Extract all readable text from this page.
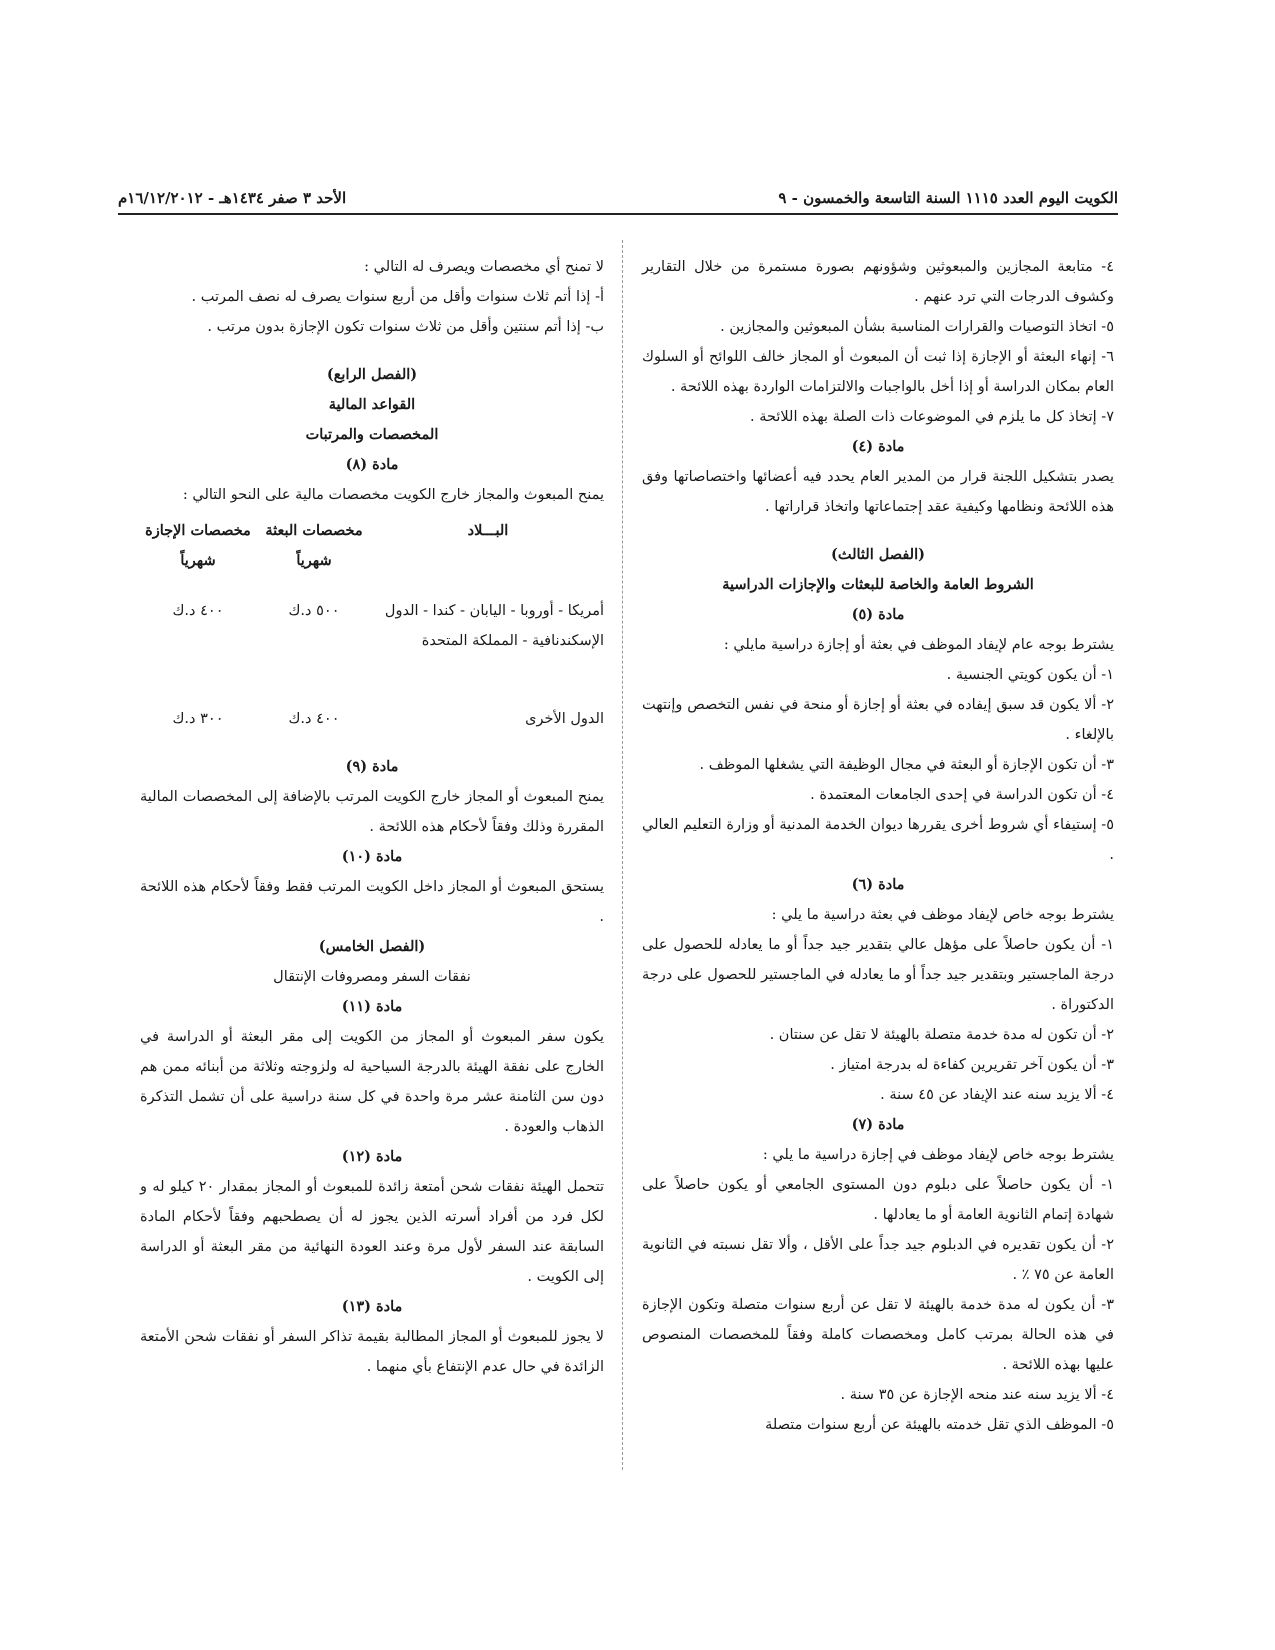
الكويت اليوم العدد ١١١٥ السنة التاسعة والخمسون - ٩
الأحد ٣ صفر ١٤٣٤هـ - ١٦/١٢/٢٠١٢م

٤- متابعة المجازين والمبعوثين وشؤونهم بصورة مستمرة من خلال التقارير وكشوف الدرجات التي ترد عنهم .

٥- اتخاذ التوصيات والقرارات المناسبة بشأن المبعوثين والمجازين .

٦- إنهاء البعثة أو الإجازة إذا ثبت أن المبعوث أو المجاز خالف اللوائح أو السلوك العام بمكان الدراسة أو إذا أخل بالواجبات والالتزامات الواردة بهذه اللائحة .

٧- إتخاذ كل ما يلزم في الموضوعات ذات الصلة بهذه اللائحة .

مادة (٤)

يصدر بتشكيل اللجنة قرار من المدير العام يحدد فيه أعضائها واختصاصاتها وفق هذه اللائحة ونظامها وكيفية عقد إجتماعاتها واتخاذ قراراتها .

(الفصل الثالث)

الشروط العامة والخاصة للبعثات والإجازات الدراسية

مادة (٥)

يشترط بوجه عام لإيفاد الموظف في بعثة أو إجازة دراسية مايلي :

١- أن يكون كويتي الجنسية .

٢- ألا يكون قد سبق إيفاده في بعثة أو إجازة أو منحة في نفس التخصص وإنتهت بالإلغاء .

٣- أن تكون الإجازة أو البعثة في مجال الوظيفة التي يشغلها الموظف .

٤- أن تكون الدراسة في إحدى الجامعات المعتمدة .

٥- إستيفاء أي شروط أخرى يقررها ديوان الخدمة المدنية أو وزارة التعليم العالي .

مادة (٦)

يشترط بوجه خاص لإيفاد موظف في بعثة دراسية ما يلي :

١- أن يكون حاصلاً على مؤهل عالي بتقدير جيد جداً أو ما يعادله للحصول على درجة الماجستير وبتقدير جيد جداً أو ما يعادله في الماجستير للحصول على درجة الدكتوراة .

٢- أن تكون له مدة خدمة متصلة بالهيئة لا تقل عن سنتان .

٣- أن يكون آخر تقريرين كفاءة له بدرجة امتياز .

٤- ألا يزيد سنه عند الإيفاد عن ٤٥ سنة .

مادة (٧)

يشترط بوجه خاص لإيفاد موظف في إجازة دراسية ما يلي :

١- أن يكون حاصلاً على دبلوم دون المستوى الجامعي أو يكون حاصلاً على شهادة إتمام الثانوية العامة أو ما يعادلها .

٢- أن يكون تقديره في الدبلوم جيد جداً على الأقل ، وألا تقل نسبته في الثانوية العامة عن ٧٥ ٪ .

٣- أن يكون له مدة خدمة بالهيئة لا تقل عن أربع سنوات متصلة وتكون الإجازة في هذه الحالة بمرتب كامل ومخصصات كاملة وفقاً للمخصصات المنصوص عليها بهذه اللائحة .

٤- ألا يزيد سنه عند منحه الإجازة عن ٣٥ سنة .

٥- الموظف الذي تقل خدمته بالهيئة عن أربع سنوات متصلة

لا تمنح أي مخصصات ويصرف له التالي :

أ- إذا أتم ثلاث سنوات وأقل من أربع سنوات يصرف له نصف المرتب .

ب- إذا أتم سنتين وأقل من ثلاث سنوات تكون الإجازة بدون مرتب .

(الفصل الرابع)

القواعد المالية

المخصصات والمرتبات

مادة (٨)

يمنح المبعوث والمجاز خارج الكويت مخصصات مالية على النحو التالي :

البـــلاد	مخصصات البعثة شهرياً	مخصصات الإجازة شهرياً

أمريكا - أوروبا - اليابان - كندا - الدول الإسكندنافية - المملكة المتحدة	٥٠٠ د.ك	٤٠٠ د.ك

الدول الأخرى	٤٠٠ د.ك	٣٠٠ د.ك

مادة (٩)

يمنح المبعوث أو المجاز خارج الكويت المرتب بالإضافة إلى المخصصات المالية المقررة وذلك وفقاً لأحكام هذه اللائحة .

مادة (١٠)

يستحق المبعوث أو المجاز داخل الكويت المرتب فقط وفقاً لأحكام هذه اللائحة .

(الفصل الخامس)

نفقات السفر ومصروفات الإنتقال

مادة (١١)

يكون سفر المبعوث أو المجاز من الكويت إلى مقر البعثة أو الدراسة في الخارج على نفقة الهيئة بالدرجة السياحية له ولزوجته وثلاثة من أبنائه ممن هم دون سن الثامنة عشر مرة واحدة في كل سنة دراسية على أن تشمل التذكرة الذهاب والعودة .

مادة (١٢)

تتحمل الهيئة نفقات شحن أمتعة زائدة للمبعوث أو المجاز بمقدار ٢٠ كيلو له و لكل فرد من أفراد أسرته الذين يجوز له أن يصطحبهم وفقاً لأحكام المادة السابقة عند السفر لأول مرة وعند العودة النهائية من مقر البعثة أو الدراسة إلى الكويت .

مادة (١٣)

لا يجوز للمبعوث أو المجاز المطالبة بقيمة تذاكر السفر أو نفقات شحن الأمتعة الزائدة في حال عدم الإنتفاع بأي منهما .
